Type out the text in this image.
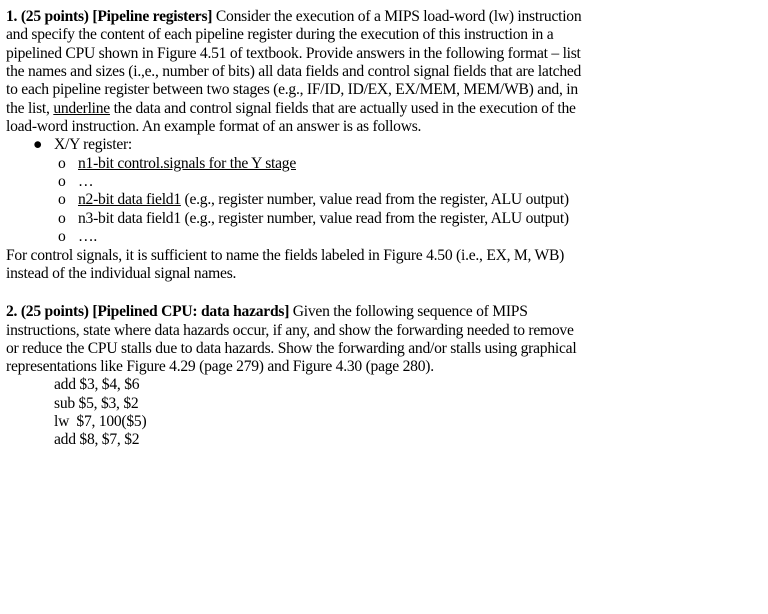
1. (25 points) [Pipeline registers] Consider the execution of a MIPS load-word (lw) instruction
and specify the content of each pipeline register during the execution of this instruction in a
pipelined CPU shown in Figure 4.51 of textbook. Provide answers in the following format – list
the names and sizes (i.,e., number of bits) all data fields and control signal fields that are latched
to each pipeline register between two stages (e.g., IF/ID, ID/EX, EX/MEM, MEM/WB) and, in
the list, underline the data and control signal fields that are actually used in the execution of the
load-word instruction. An example format of an answer is as follows.
● X/Y register:
o n1-bit control.signals for the Y stage
o …
o n2-bit data field1 (e.g., register number, value read from the register, ALU output)
o n3-bit data field1 (e.g., register number, value read from the register, ALU output)
o ….
For control signals, it is sufficient to name the fields labeled in Figure 4.50 (i.e., EX, M, WB)
instead of the individual signal names.
2. (25 points) [Pipelined CPU: data hazards] Given the following sequence of MIPS
instructions, state where data hazards occur, if any, and show the forwarding needed to remove
or reduce the CPU stalls due to data hazards. Show the forwarding and/or stalls using graphical
representations like Figure 4.29 (page 279) and Figure 4.30 (page 280).
add $3, $4, $6
sub $5, $3, $2
lw  $7, 100($5)
add $8, $7, $2
